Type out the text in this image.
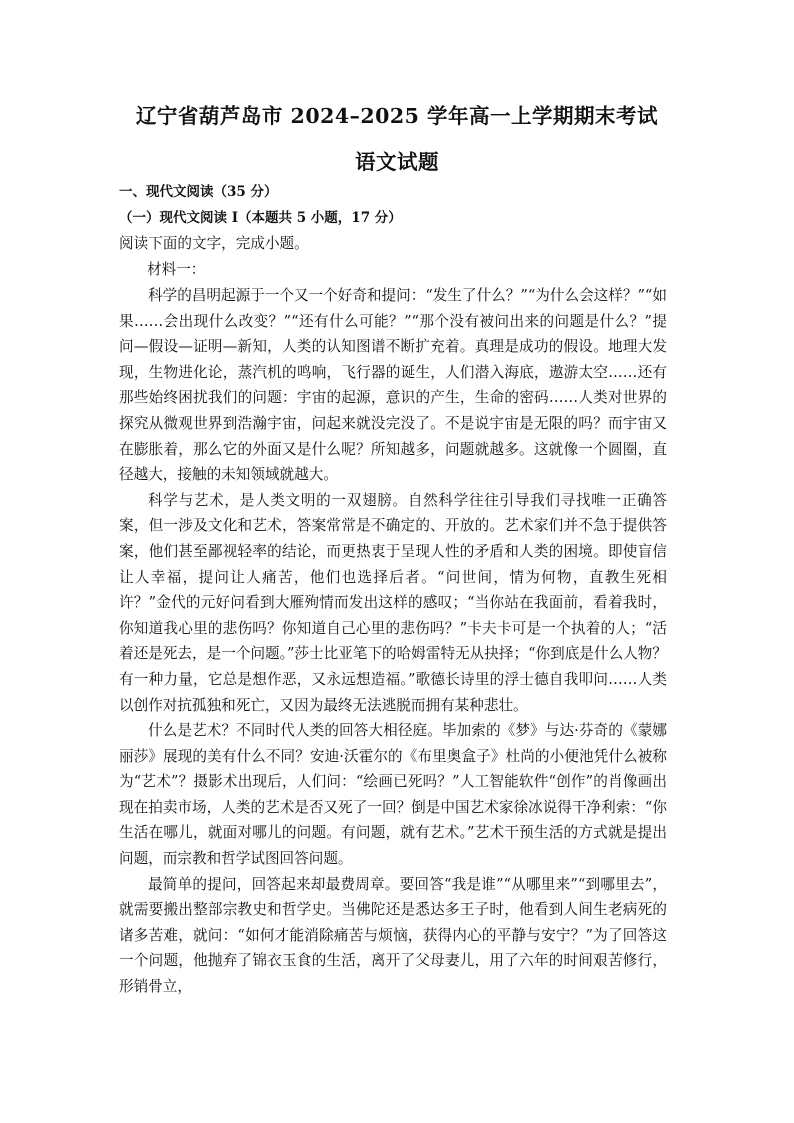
辽宁省葫芦岛市 2024–2025 学年高一上学期期末考试
语文试题
一、现代文阅读（35 分）
（一）现代文阅读 Ⅰ（本题共 5 小题，17 分）
阅读下面的文字，完成小题。
材料一：

科学的昌明起源于一个又一个好奇和提问：“发生了什么？”“为什么会这样？”“如果……会出现什么改变？”“还有什么可能？”“那个没有被问出来的问题是什么？”提问—假设—证明—新知，人类的认知图谱不断扩充着。真理是成功的假设。地理大发现，生物进化论，蒸汽机的鸣响，飞行器的诞生，人们潜入海底，遨游太空……还有那些始终困扰我们的问题：宇宙的起源，意识的产生，生命的密码……人类对世界的探究从微观世界到浩瀚宇宙，问起来就没完没了。不是说宇宙是无限的吗？而宇宙又在膨胀着，那么它的外面又是什么呢？所知越多，问题就越多。这就像一个圆圈，直径越大，接触的未知领域就越大。

科学与艺术，是人类文明的一双翅膀。自然科学往往引导我们寻找唯一正确答案，但一涉及文化和艺术，答案常常是不确定的、开放的。艺术家们并不急于提供答案，他们甚至鄙视轻率的结论，而更热衷于呈现人性的矛盾和人类的困境。即使盲信让人幸福，提问让人痛苦，他们也选择后者。“问世间，情为何物，直教生死相许？”金代的元好问看到大雁殉情而发出这样的感叹；“当你站在我面前，看着我时，你知道我心里的悲伤吗？你知道自己心里的悲伤吗？”卡夫卡可是一个执着的人；“活着还是死去，是一个问题。”莎士比亚笔下的哈姆雷特无从抉择；“你到底是什么人物？有一种力量，它总是想作恶，又永远想造福。”歌德长诗里的浮士德自我叩问……人类以创作对抗孤独和死亡，又因为最终无法逃脱而拥有某种悲壮。

什么是艺术？不同时代人类的回答大相径庭。毕加索的《梦》与达·芬奇的《蒙娜丽莎》展现的美有什么不同？安迪·沃霍尔的《布里奥盒子》杜尚的小便池凭什么被称为“艺术”？摄影术出现后，人们问：“绘画已死吗？”人工智能软件“创作”的肖像画出现在拍卖市场，人类的艺术是否又死了一回？倒是中国艺术家徐冰说得干净利索：“你生活在哪儿，就面对哪儿的问题。有问题，就有艺术。”艺术干预生活的方式就是提出问题，而宗教和哲学试图回答问题。

最简单的提问，回答起来却最费周章。要回答“我是谁”“从哪里来”“到哪里去”，就需要搬出整部宗教史和哲学史。当佛陀还是悉达多王子时，他看到人间生老病死的诸多苦难，就问：“如何才能消除痛苦与烦恼，获得内心的平静与安宁？”为了回答这一个问题，他抛弃了锦衣玉食的生活，离开了父母妻儿，用了六年的时间艰苦修行，形销骨立，
